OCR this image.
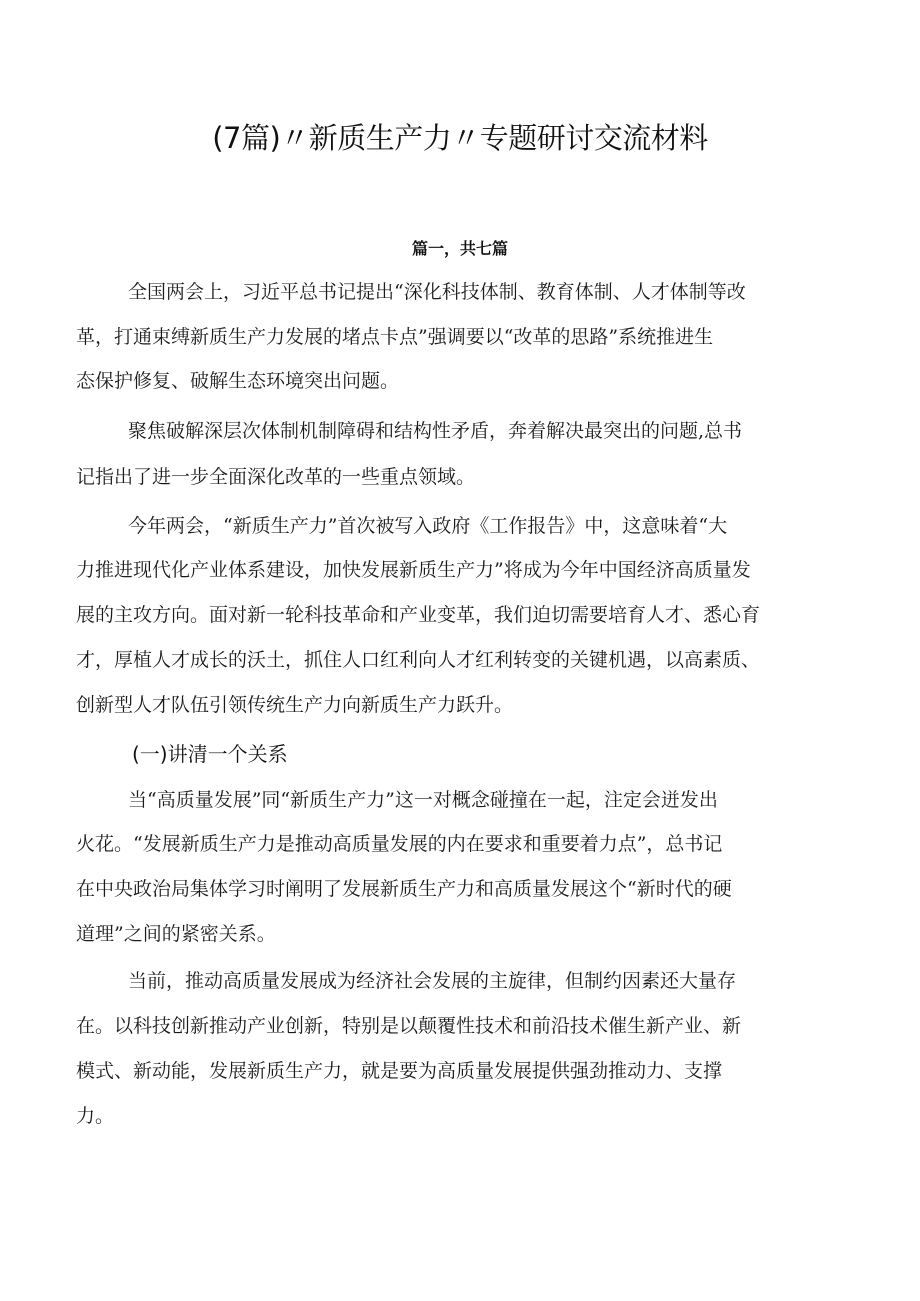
(7篇)〃新质生产力〃专题研讨交流材料
篇一，共七篇
全国两会上，习近平总书记提出“深化科技体制、教育体制、人才体制等改
革，打通束缚新质生产力发展的堵点卡点”强调要以“改革的思路”系统推进生
态保护修复、破解生态环境突出问题。
聚焦破解深层次体制机制障碍和结构性矛盾，奔着解决最突出的问题,总书
记指出了进一步全面深化改革的一些重点领域。
今年两会，“新质生产力”首次被写入政府《工作报告》中，这意味着“大
力推进现代化产业体系建设，加快发展新质生产力”将成为今年中国经济高质量发
展的主攻方向。面对新一轮科技革命和产业变革，我们迫切需要培育人才、悉心育
才，厚植人才成长的沃土，抓住人口红利向人才红利转变的关键机遇，以高素质、
创新型人才队伍引领传统生产力向新质生产力跃升。
(一)讲清一个关系
当“高质量发展”同“新质生产力”这一对概念碰撞在一起，注定会迸发出
火花。“发展新质生产力是推动高质量发展的内在要求和重要着力点”，总书记
在中央政治局集体学习时阐明了发展新质生产力和高质量发展这个“新时代的硬
道理”之间的紧密关系。
当前，推动高质量发展成为经济社会发展的主旋律，但制约因素还大量存
在。以科技创新推动产业创新，特别是以颠覆性技术和前沿技术催生新产业、新
模式、新动能，发展新质生产力，就是要为高质量发展提供强劲推动力、支撑
力。
